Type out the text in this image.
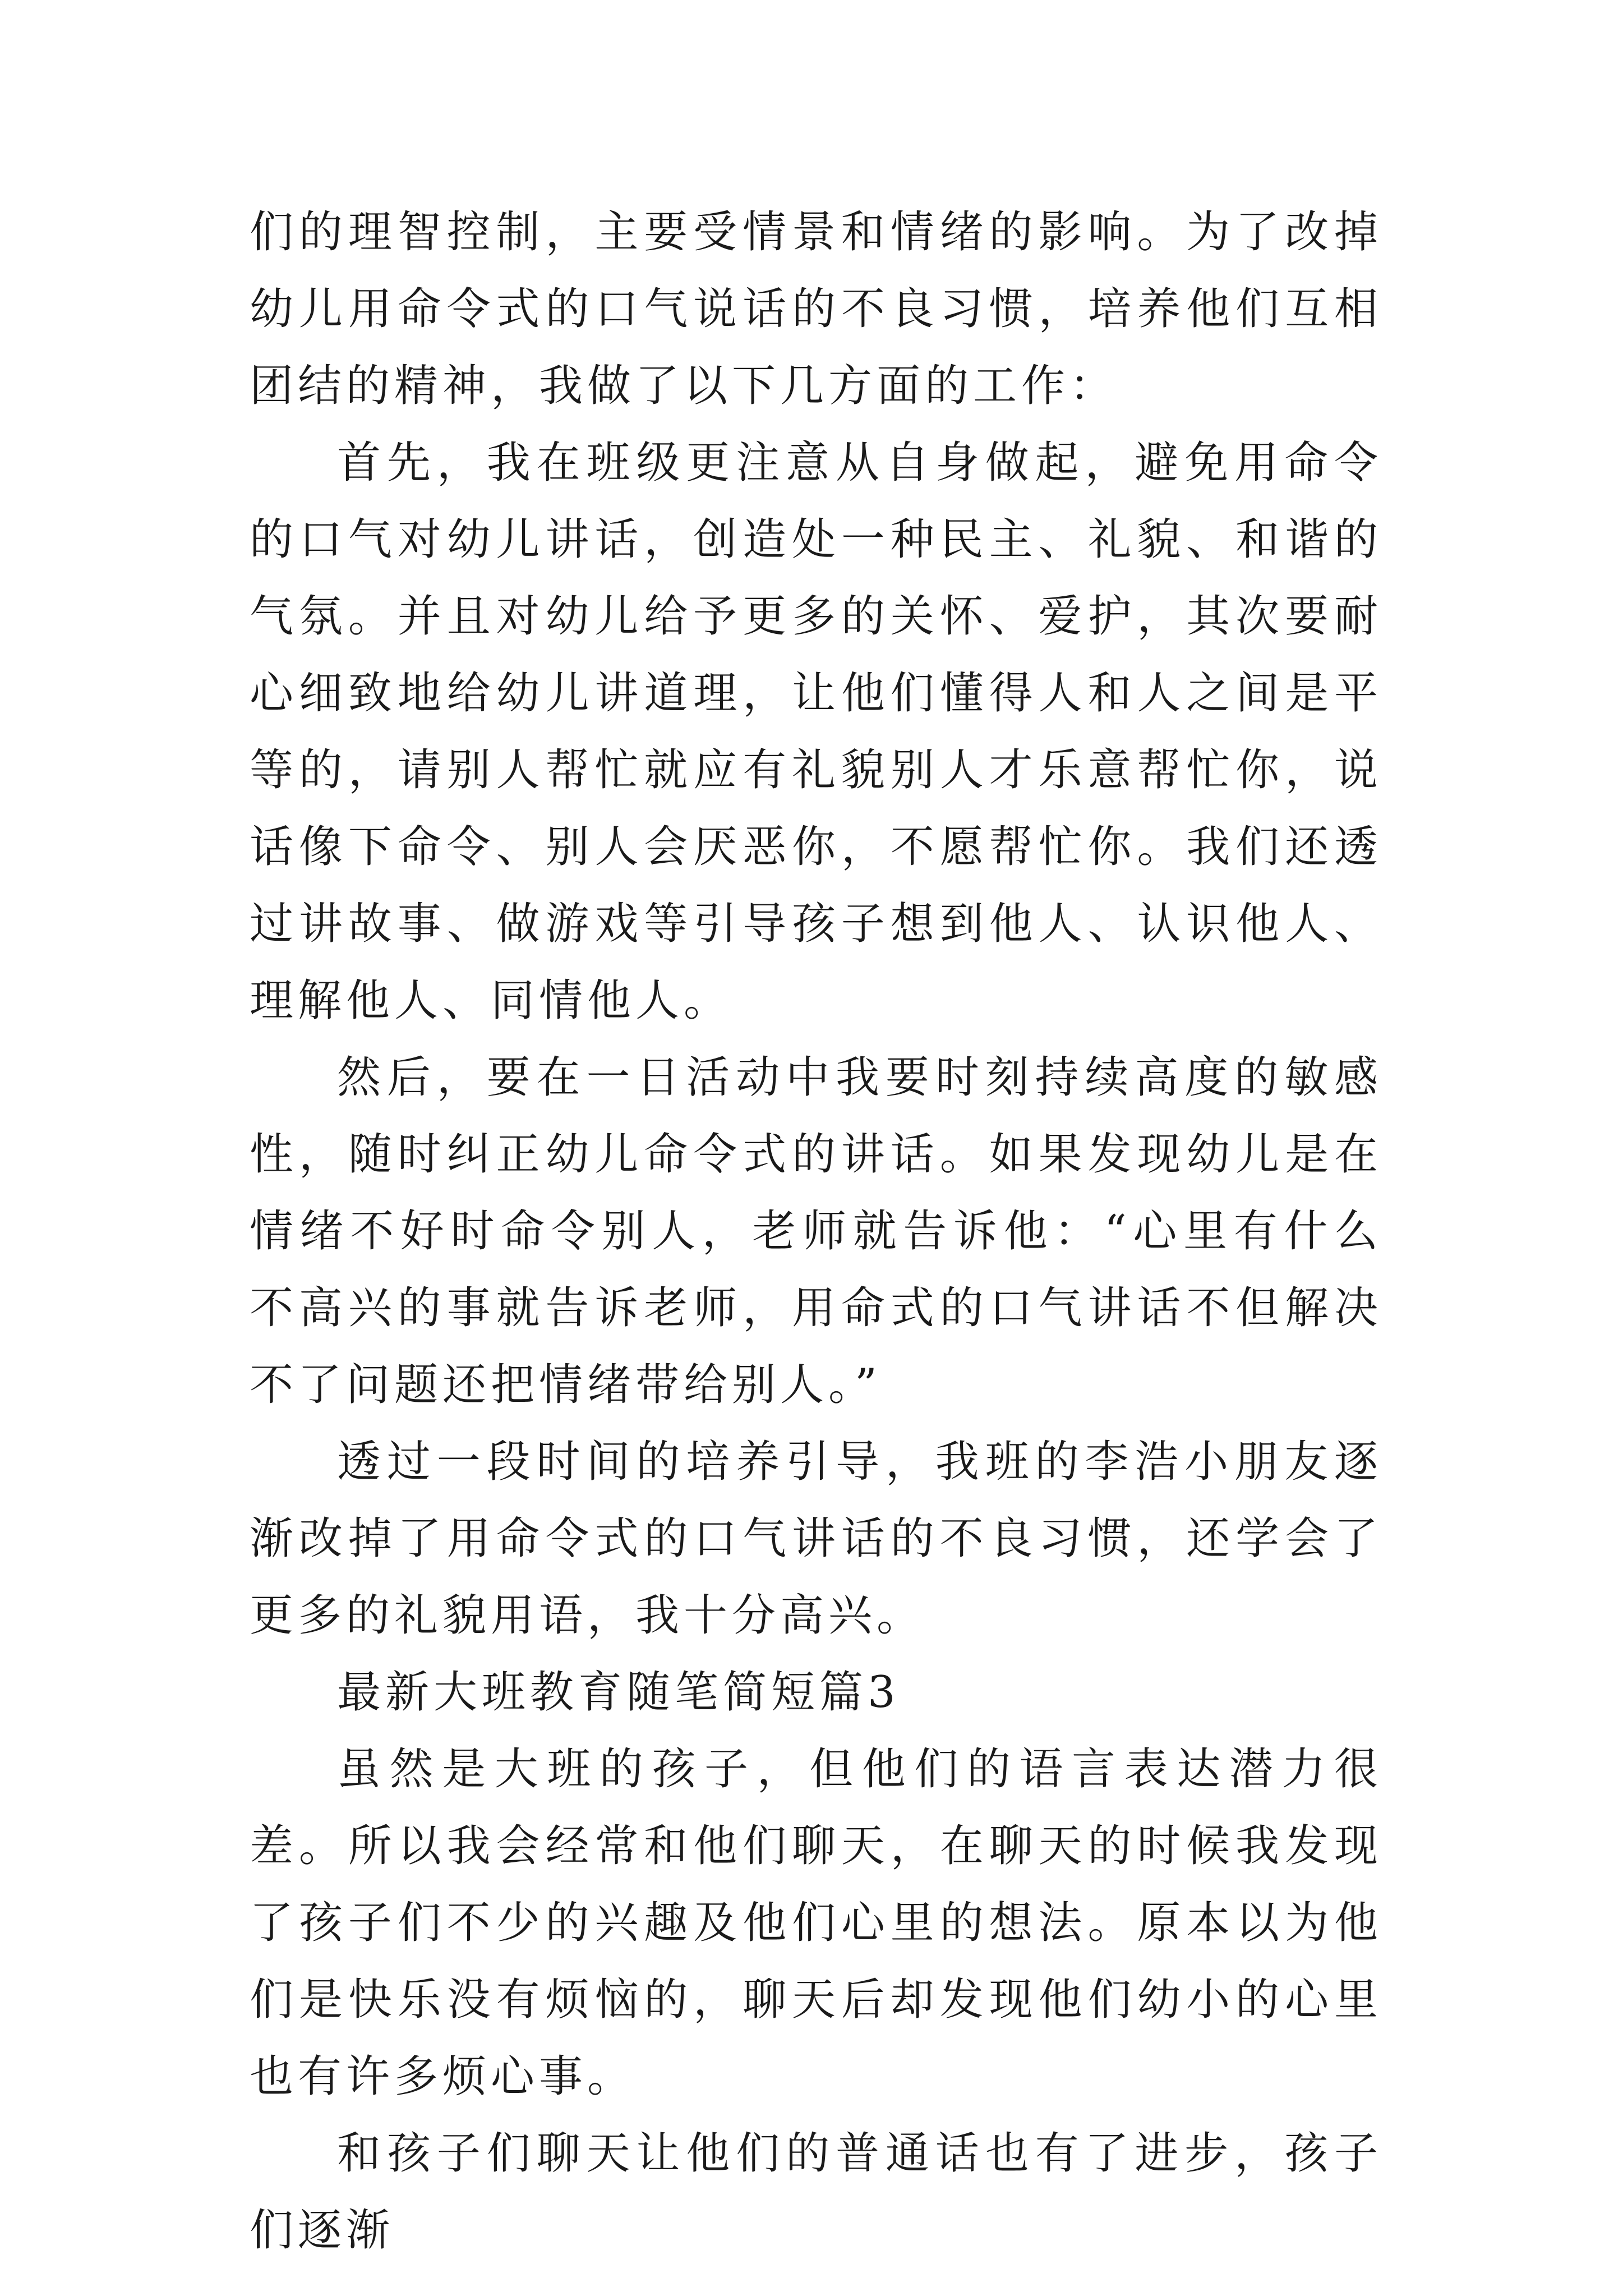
们的理智控制，主要受情景和情绪的影响。为了改掉幼儿用命令式的口气说话的不良习惯，培养他们互相团结的精神，我做了以下几方面的工作：

首先，我在班级更注意从自身做起，避免用命令的口气对幼儿讲话，创造处一种民主、礼貌、和谐的气氛。并且对幼儿给予更多的关怀、爱护，其次要耐心细致地给幼儿讲道理，让他们懂得人和人之间是平等的，请别人帮忙就应有礼貌别人才乐意帮忙你，说话像下命令、别人会厌恶你，不愿帮忙你。我们还透过讲故事、做游戏等引导孩子想到他人、认识他人、理解他人、同情他人。

然后，要在一日活动中我要时刻持续高度的敏感性，随时纠正幼儿命令式的讲话。如果发现幼儿是在情绪不好时命令别人，老师就告诉他：“心里有什么不高兴的事就告诉老师，用命式的口气讲话不但解决不了问题还把情绪带给别人。”

透过一段时间的培养引导，我班的李浩小朋友逐渐改掉了用命令式的口气讲话的不良习惯，还学会了更多的礼貌用语，我十分高兴。

最新大班教育随笔简短篇3

虽然是大班的孩子，但他们的语言表达潜力很差。所以我会经常和他们聊天，在聊天的时候我发现了孩子们不少的兴趣及他们心里的想法。原本以为他们是快乐没有烦恼的，聊天后却发现他们幼小的心里也有许多烦心事。

和孩子们聊天让他们的普通话也有了进步，孩子们逐渐
